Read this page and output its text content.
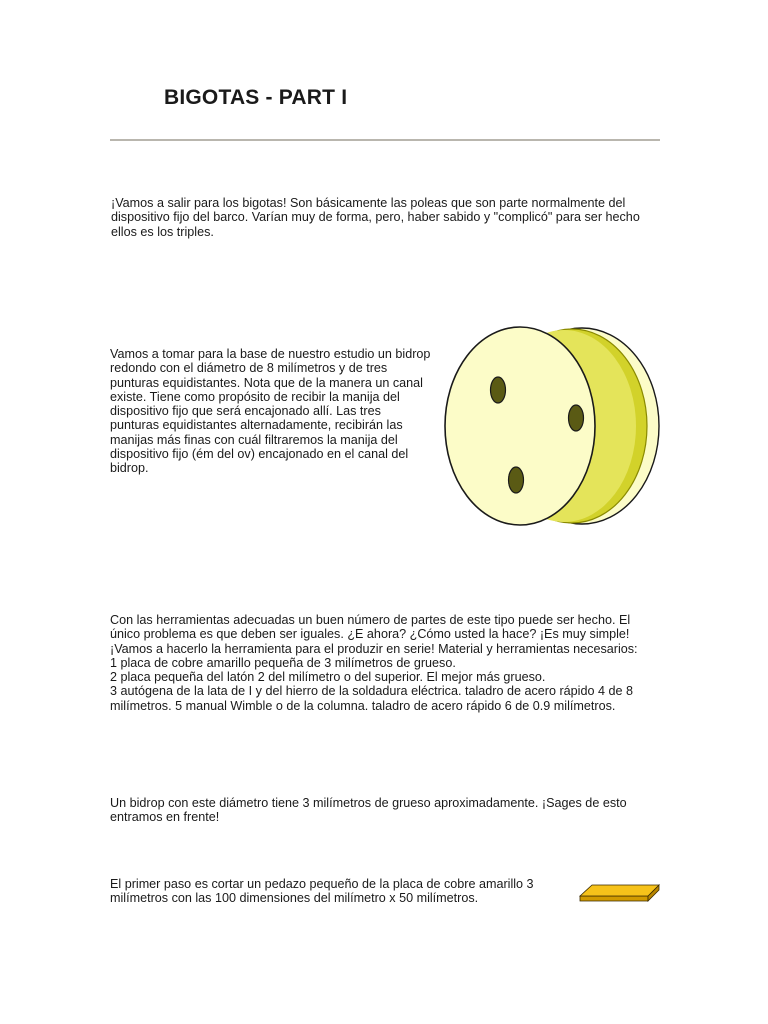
BIGOTAS - PART I

¡Vamos a salir para los bigotas! Son básicamente las poleas que son parte normalmente del
dispositivo fijo del barco. Varían muy de forma, pero, haber sabido y "complicó" para ser hecho
ellos es los triples.

Vamos a tomar para la base de nuestro estudio un bidrop
redondo con el diámetro de 8 milímetros y de tres
punturas equidistantes. Nota que de la manera un canal
existe. Tiene como propósito de recibir la manija del
dispositivo fijo que será encajonado allí. Las tres
punturas equidistantes alternadamente, recibirán las
manijas más finas con cuál filtraremos la manija del
dispositivo fijo (ém del ov) encajonado en el canal del
bidrop.

Con las herramientas adecuadas un buen número de partes de este tipo puede ser hecho. El
único problema es que deben ser iguales. ¿E ahora? ¿Cómo usted la hace? ¡Es muy simple!
¡Vamos a hacerlo la herramienta para el produzir en serie! Material y herramientas necesarios:
1 placa de cobre amarillo pequeña de 3 milímetros de grueso.
2 placa pequeña del latón 2 del milímetro o del superior. El mejor más grueso.
3 autógena de la lata de I y del hierro de la soldadura eléctrica. taladro de acero rápido 4 de 8
milímetros. 5 manual Wimble o de la columna. taladro de acero rápido 6 de 0.9 milímetros.

Un bidrop con este diámetro tiene 3 milímetros de grueso aproximadamente. ¡Sages de esto
entramos en frente!

El primer paso es cortar un pedazo pequeño de la placa de cobre amarillo 3
milímetros con las 100 dimensiones del milímetro x 50 milímetros.
